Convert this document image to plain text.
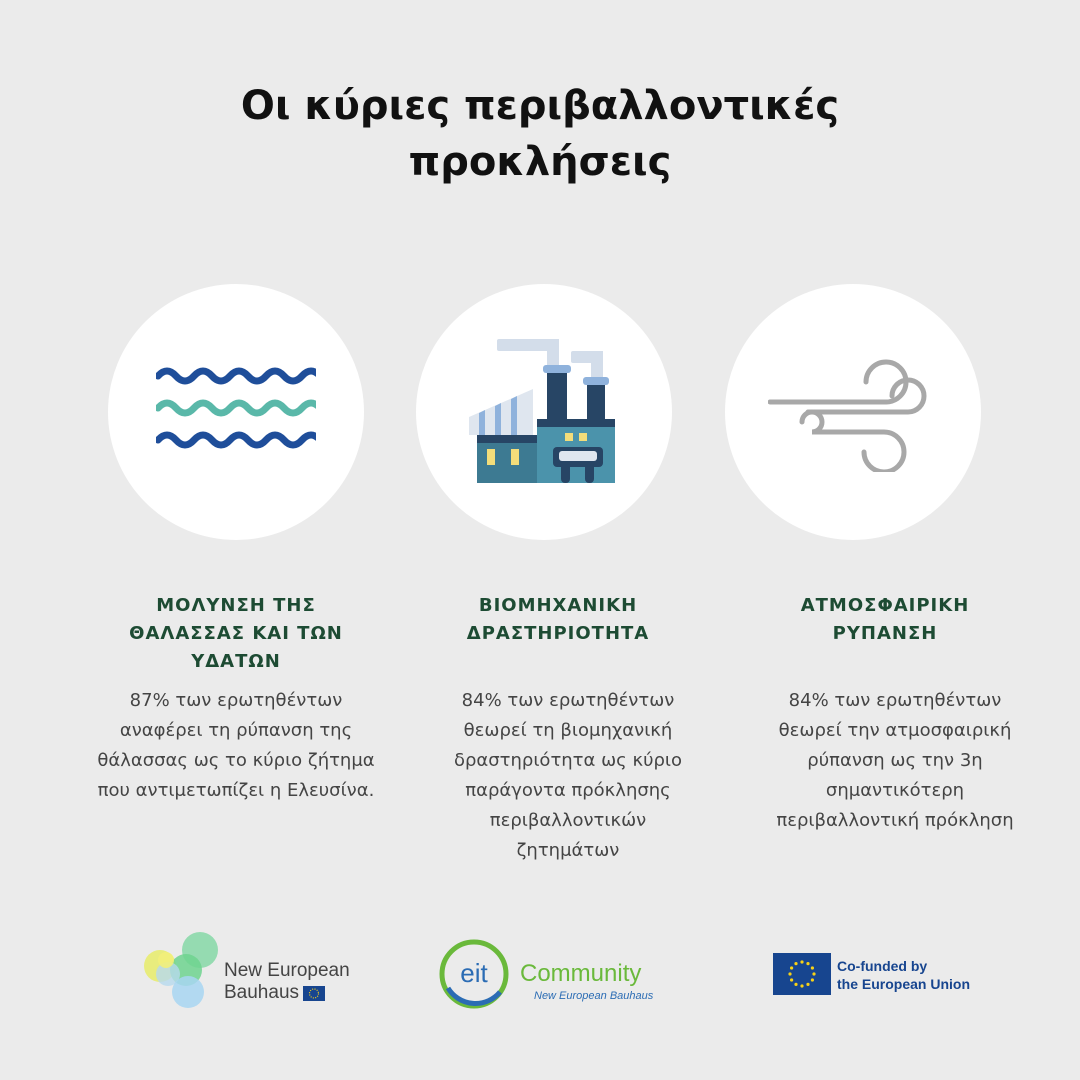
Οι κύριες περιβαλλοντικές
προκλήσεις
ΜΟΛΥΝΣΗ ΤΗΣ
ΘΑΛΑΣΣΑΣ ΚΑΙ ΤΩΝ
ΥΔΑΤΩΝ
ΒΙΟΜΗΧΑΝΙΚΗ
ΔΡΑΣΤΗΡΙΟΤΗΤΑ
ΑΤΜΟΣΦΑΙΡΙΚΗ
ΡΥΠΑΝΣΗ
87% των ερωτηθέντων
αναφέρει τη ρύπανση της
θάλασσας ως το κύριο ζήτημα
που αντιμετωπίζει η Ελευσίνα.
84% των ερωτηθέντων
θεωρεί τη βιομηχανική
δραστηριότητα ως κύριο
παράγοντα πρόκλησης
περιβαλλοντικών
ζητημάτων
84% των ερωτηθέντων
θεωρεί την ατμοσφαιρική
ρύπανση ως την 3η
σημαντικότερη
περιβαλλοντική πρόκληση
New European
Bauhaus
eit Community
New European Bauhaus
Co-funded by
the European Union
